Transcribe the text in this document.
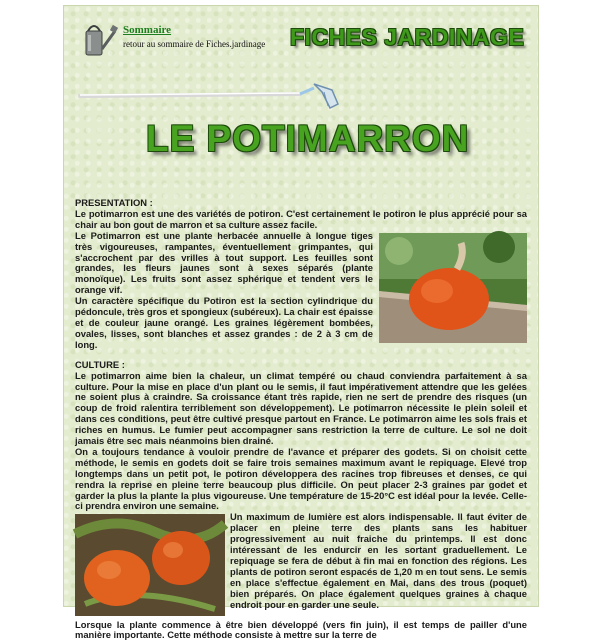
Sommaire
retour au sommaire de Fiches.jardinage FICHES JARDINAGE
LE POTIMARRON

PRESENTATION :

Le potimarron est une des variétés de potiron. C'est certainement le potiron le plus apprécié pour sa chair au bon gout de marron et sa culture assez facile.

Le Potimarron est une plante herbacée annuelle à longue tiges très vigoureuses, rampantes, éventuellement grimpantes, qui s'accrochent par des vrilles à tout support. Les feuilles sont grandes, les fleurs jaunes sont à sexes séparés (plante monoïque). Les fruits sont assez sphérique et tendent vers le orange vif.

Un caractère spécifique du Potiron est la section cylindrique du pédoncule, très gros et spongieux (subéreux). La chair est épaisse et de couleur jaune orangé. Les graines légèrement bombées, ovales, lisses, sont blanches et assez grandes : de 2 à 3 cm de long.

CULTURE :

Le potimarron aime bien la chaleur, un climat tempéré ou chaud conviendra parfaitement à sa culture. Pour la mise en place d'un plant ou le semis, il faut impérativement attendre que les gelées ne soient plus à craindre. Sa croissance étant très rapide, rien ne sert de prendre des risques (un coup de froid ralentira terriblement son développement). Le potimarron nécessite le plein soleil et dans ces conditions, peut être cultivé presque partout en France. Le potimarron aime les sols frais et riches en humus. Le fumier peut accompagner sans restriction la terre de culture. Le sol ne doit jamais être sec mais néanmoins bien drainé.

On a toujours tendance à vouloir prendre de l'avance et préparer des godets. Si on choisit cette méthode, le semis en godets doit se faire trois semaines maximum avant le repiquage. Elevé trop longtemps dans un petit pot, le potiron développera des racines trop fibreuses et denses, ce qui rendra la reprise en pleine terre beaucoup plus difficile. On peut placer 2-3 graines par godet et garder la plus la plante la plus vigoureuse. Une température de 15-20°C est idéal pour la levée. Celle-ci prendra environ une semaine.

Un maximum de lumière est alors indispensable. Il faut éviter de placer en pleine terre des plants sans les habituer progressivement au nuit fraiche du printemps. Il est donc intéressant de les endurcir en les sortant graduellement. Le repiquage se fera de début à fin mai en fonction des régions. Les plants de potiron seront espacés de 1,20 m en tout sens. Le semis en place s'effectue également en Mai, dans des trous (poquet) bien préparés. On place également quelques graines à chaque endroit pour en garder une seule.

Lorsque la plante commence à être bien développé (vers fin juin), il est temps de pailler d'une manière importante. Cette méthode consiste à mettre sur la terre de
